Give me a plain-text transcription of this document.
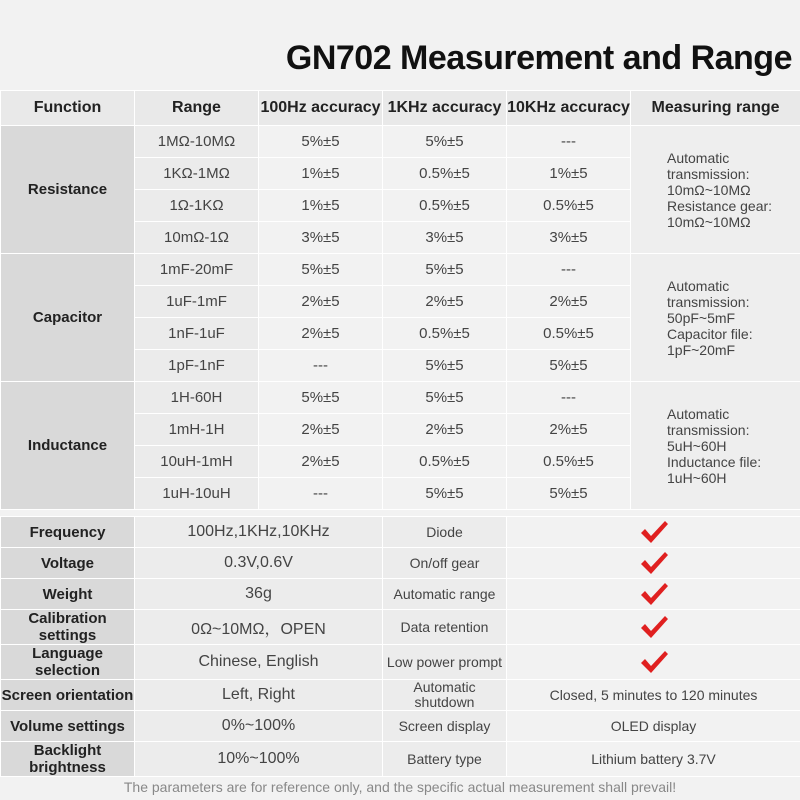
GN702 Measurement and Range
Function	Range	100Hz accuracy	1KHz accuracy	10KHz accuracy	Measuring range
Resistance	1MΩ-10MΩ	5%±5	5%±5	---	Automatic
transmission:
10mΩ~10MΩ
Resistance gear:
10mΩ~10MΩ

	1KΩ-1MΩ	1%±5	0.5%±5	1%±5	
	1Ω-1KΩ	1%±5	0.5%±5	0.5%±5	
	10mΩ-1Ω	3%±5	3%±5	3%±5	
Capacitor	1mF-20mF	5%±5	5%±5	---	Automatic
transmission:
50pF~5mF
Capacitor file:
1pF~20mF

	1uF-1mF	2%±5	2%±5	2%±5	
	1nF-1uF	2%±5	0.5%±5	0.5%±5	
	1pF-1nF	---	5%±5	5%±5	
Inductance	1H-60H	5%±5	5%±5	---	Automatic
transmission:
5uH~60H
Inductance file:
1uH~60H

	1mH-1H	2%±5	2%±5	2%±5	
	10uH-1mH	2%±5	0.5%±5	0.5%±5	
	1uH-10uH	---	5%±5	5%±5	
Frequency	100Hz,1KHz,10KHz	Diode	
Voltage	0.3V,0.6V	On/off gear	
Weight	36g	Automatic range	
Calibration settings	0Ω~10MΩ，OPEN	Data retention	
Language selection	Chinese, English	Low power prompt	
Screen orientation	Left, Right	Automatic shutdown	Closed, 5 minutes to 120 minutes
Volume settings	0%~100%	Screen display	OLED display
Backlight brightness	10%~100%	Battery type	Lithium battery 3.7V
The parameters are for reference only, and the specific actual measurement shall prevail!
